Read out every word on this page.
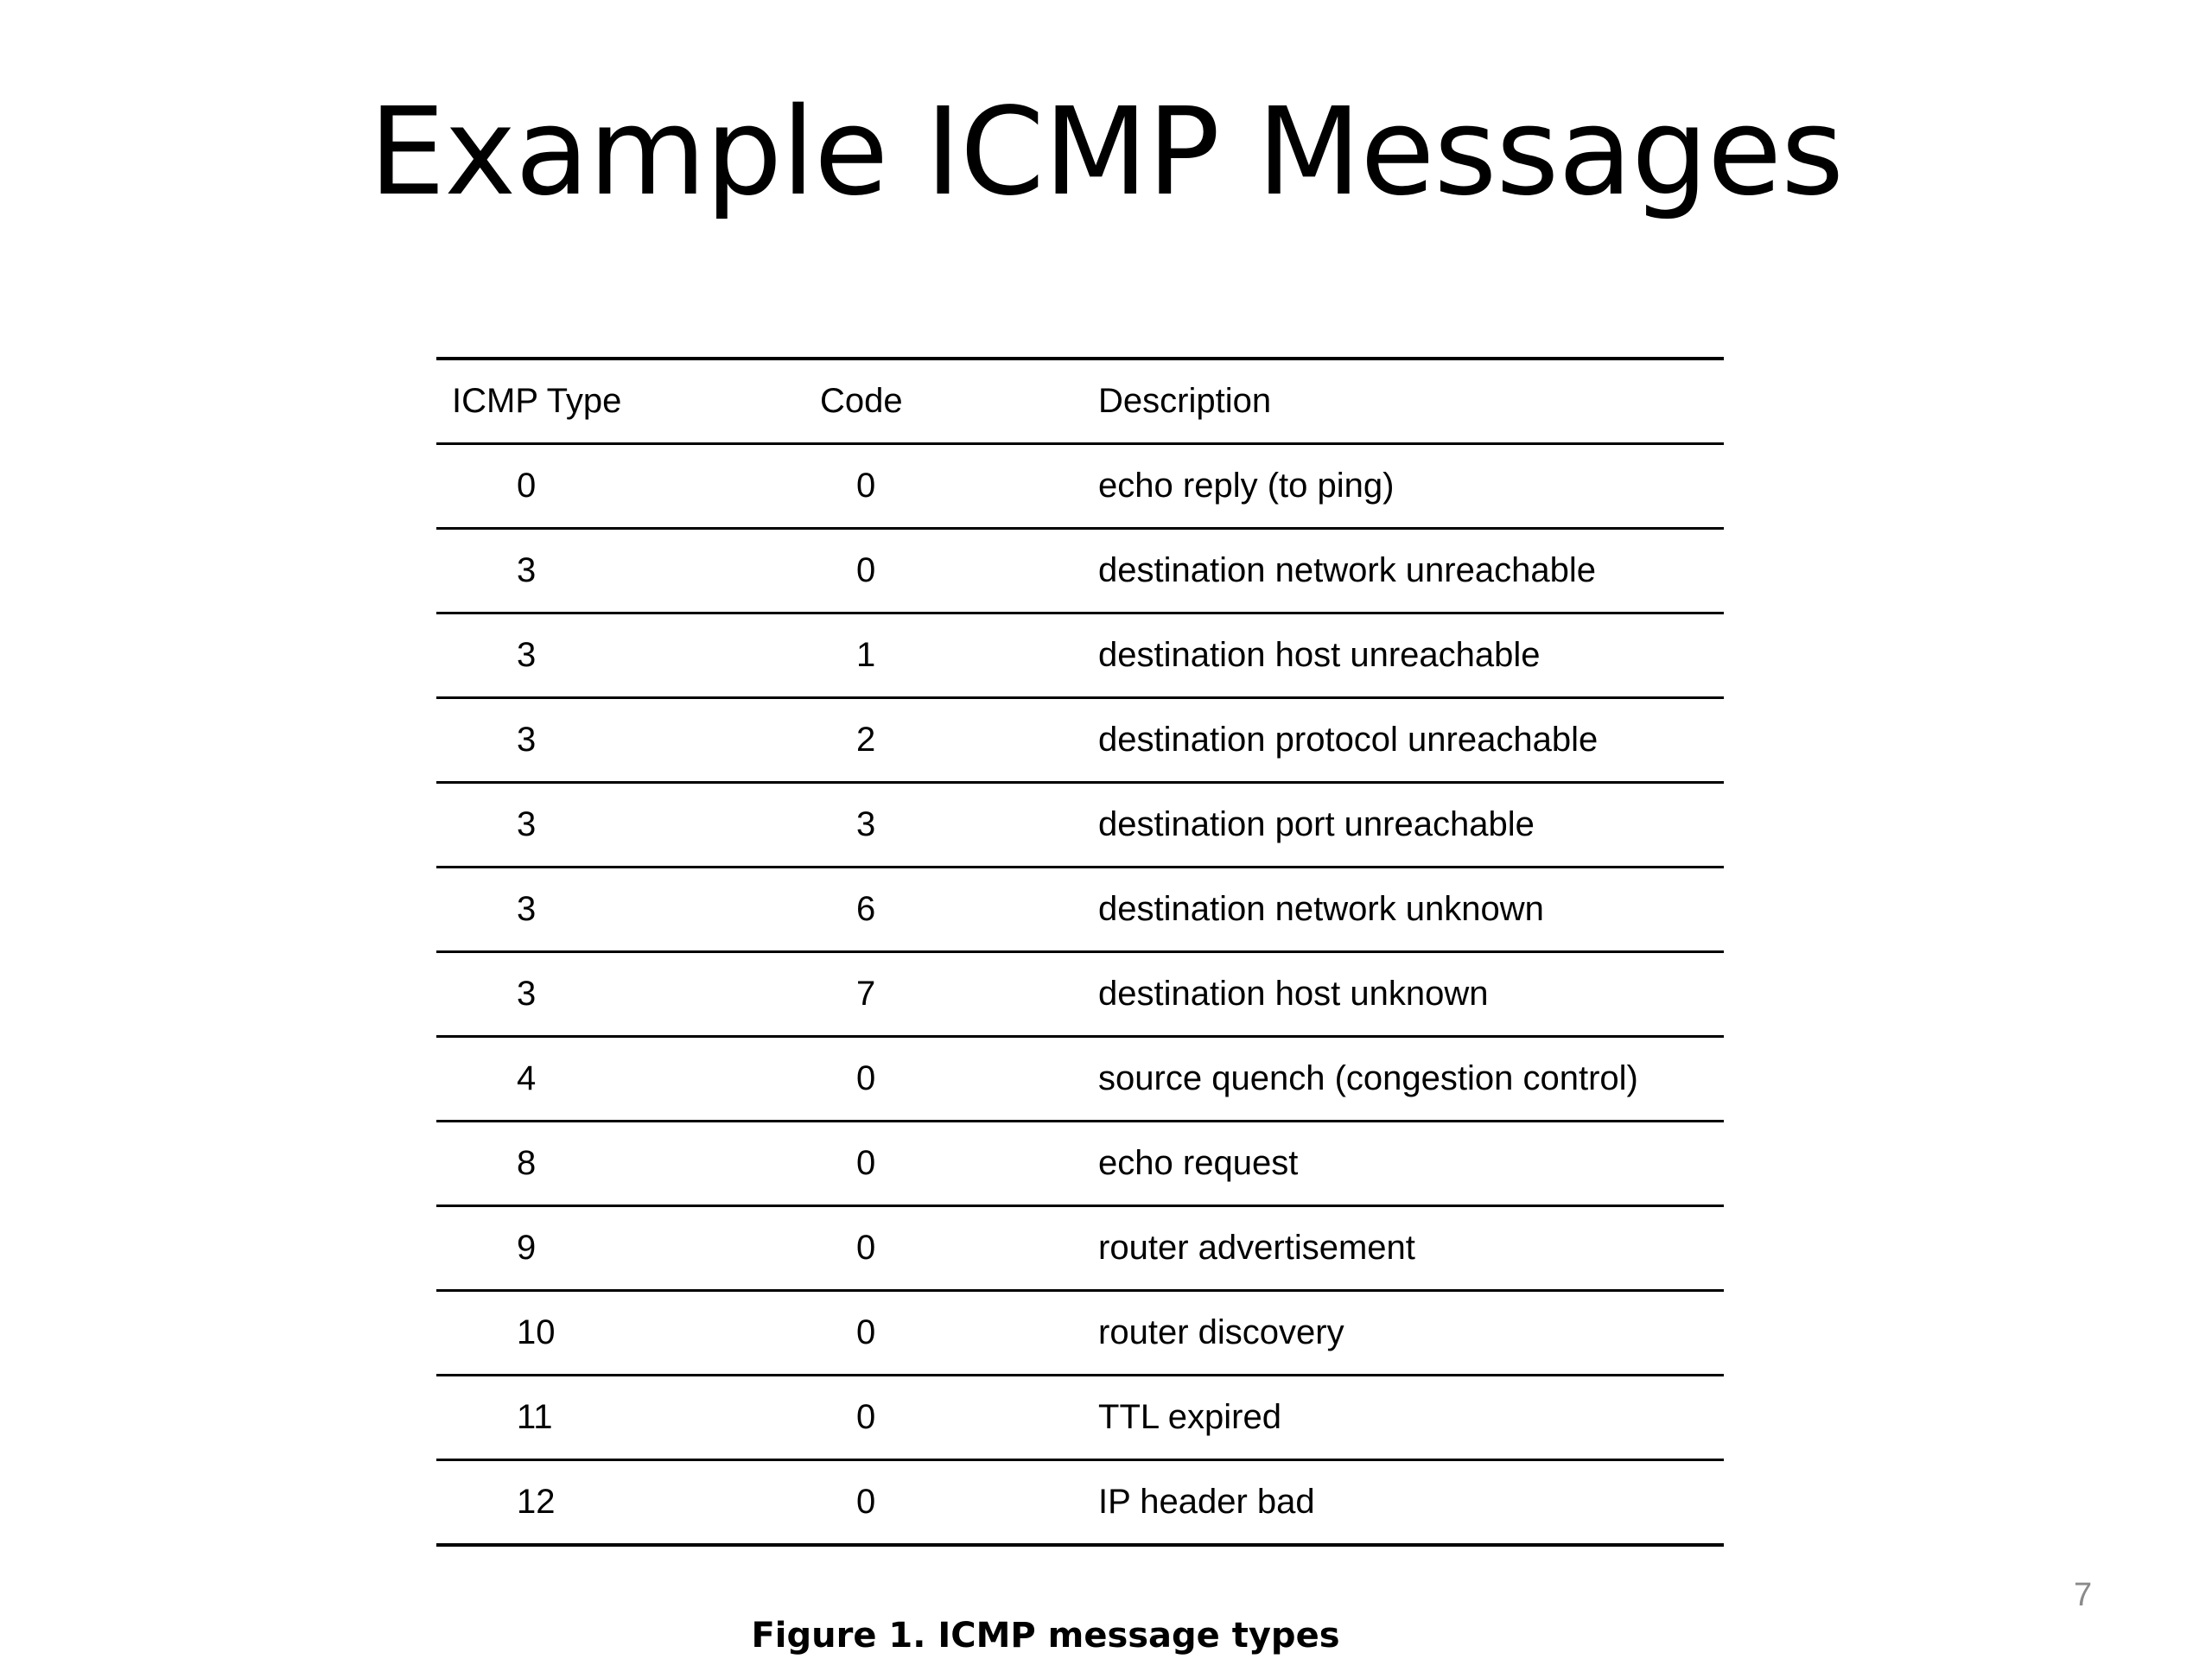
Example ICMP Messages
ICMP Type	Code	Description
0	0	echo reply (to ping)
3	0	destination network unreachable
3	1	destination host unreachable
3	2	destination protocol unreachable
3	3	destination port unreachable
3	6	destination network unknown
3	7	destination host unknown
4	0	source quench (congestion control)
8	0	echo request
9	0	router advertisement
10	0	router discovery
11	0	TTL expired
12	0	IP header bad
7
Figure 1. ICMP message types
